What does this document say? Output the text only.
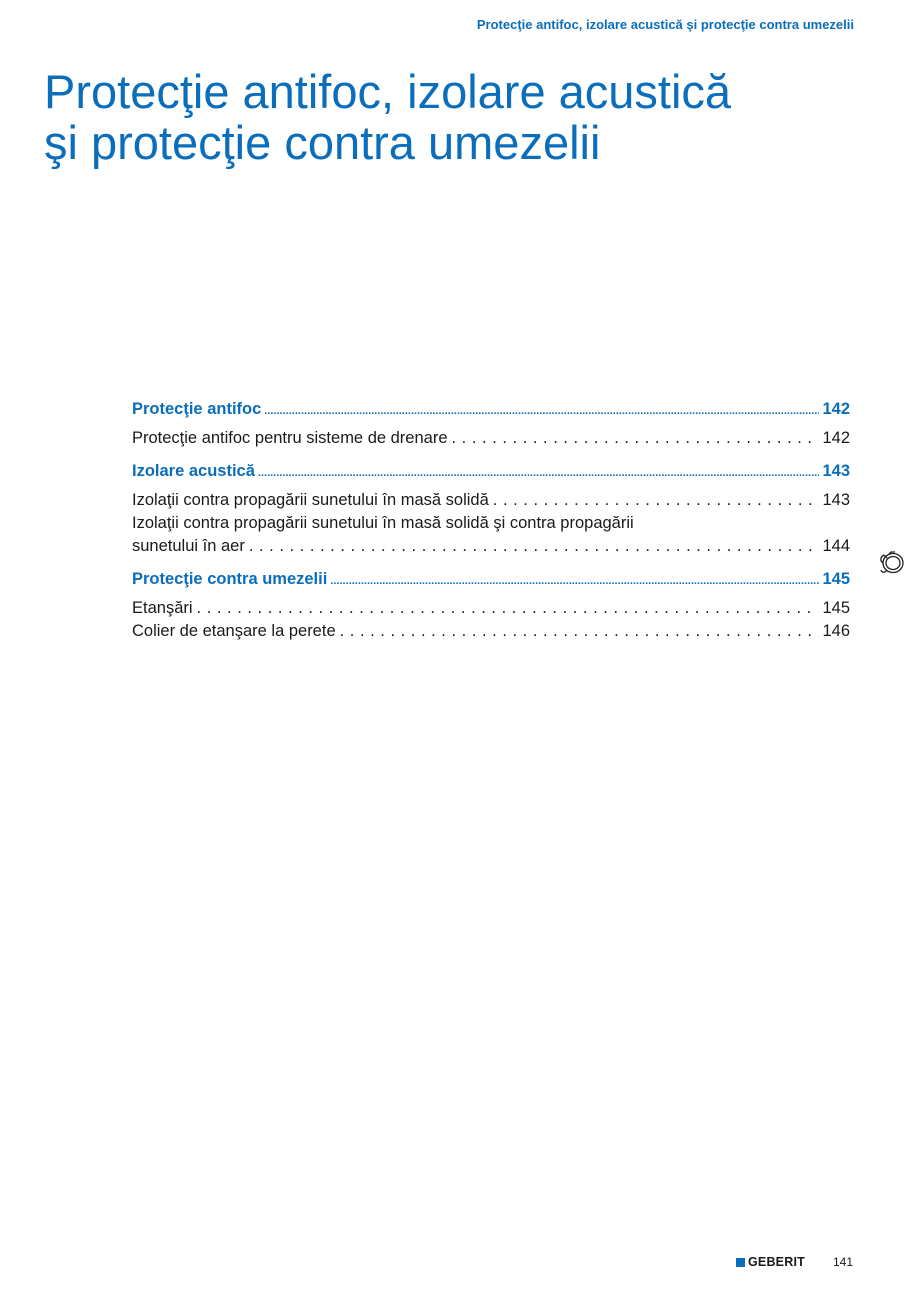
Protecţie antifoc, izolare acustică şi protecţie contra umezelii
Protecţie antifoc, izolare acustică
şi protecţie contra umezelii
Protecţie antifoc .....	142
Protecţie antifoc pentru sisteme de drenare . . .	142
Izolare acustică .....	143
Izolaţii contra propagării sunetului în masă solidă . . .	143
Izolaţii contra propagării sunetului în masă solidă şi contra propagării
sunetului în aer . . .	144
Protecţie contra umezelii .....	145
Etanşări . . .	145
Colier de etanşare la perete . . .	146
GEBERIT 141
